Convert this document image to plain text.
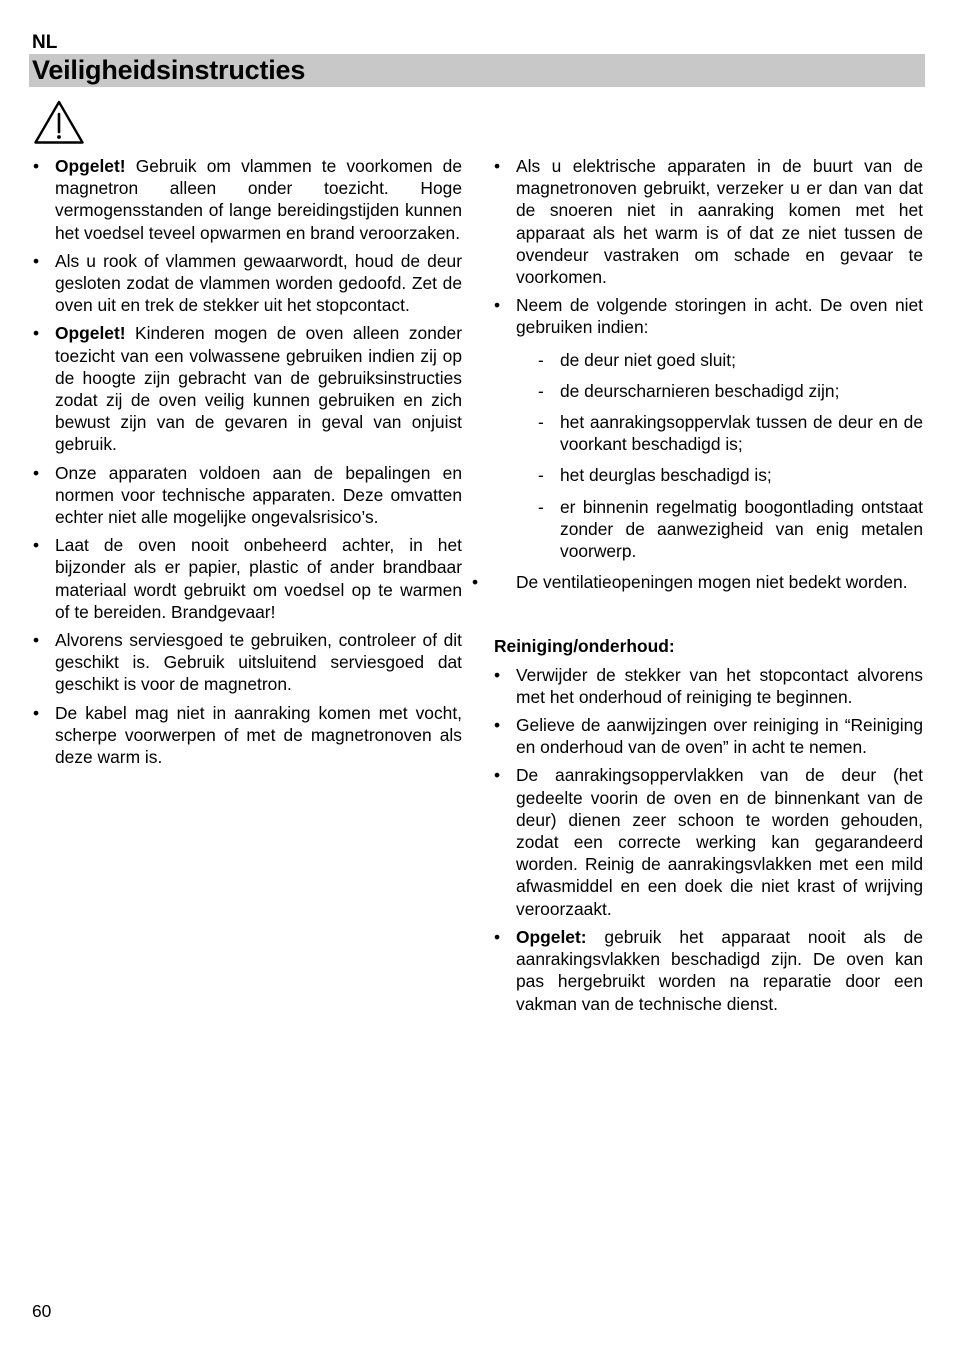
NL
Veiligheidsinstructies
• Opgelet! Gebruik om vlammen te voorkomen de magnetron alleen onder toezicht. Hoge vermogensstanden of lange bereidingstijden kunnen het voedsel teveel opwarmen en brand veroorzaken.
• Als u rook of vlammen gewaarwordt, houd de deur gesloten zodat de vlammen worden gedoofd. Zet de oven uit en trek de stekker uit het stopcontact.
• Opgelet! Kinderen mogen de oven alleen zonder toezicht van een volwassene gebruiken indien zij op de hoogte zijn gebracht van de gebruiksinstructies zodat zij de oven veilig kunnen gebruiken en zich bewust zijn van de gevaren in geval van onjuist gebruik.
• Onze apparaten voldoen aan de bepalingen en normen voor technische apparaten. Deze omvatten echter niet alle mogelijke ongevalsrisico’s.
• Laat de oven nooit onbeheerd achter, in het bijzonder als er papier, plastic of ander brandbaar materiaal wordt gebruikt om voedsel op te warmen of te bereiden. Brandgevaar!
• Alvorens serviesgoed te gebruiken, controleer of dit geschikt is. Gebruik uitsluitend serviesgoed dat geschikt is voor de magnetron.
• De kabel mag niet in aanraking komen met vocht, scherpe voorwerpen of met de magnetronoven als deze warm is.
• Als u elektrische apparaten in de buurt van de magnetronoven gebruikt, verzeker u er dan van dat de snoeren niet in aanraking komen met het apparaat als het warm is of dat ze niet tussen de ovendeur vastraken om schade en gevaar te voorkomen.
• Neem de volgende storingen in acht. De oven niet gebruiken indien:
- de deur niet goed sluit;
- de deurscharnieren beschadigd zijn;
- het aanrakingsoppervlak tussen de deur en de voorkant beschadigd is;
- het deurglas beschadigd is;
- er binnenin regelmatig boogontlading ontstaat zonder de aanwezigheid van enig metalen voorwerp.
•	De ventilatieopeningen mogen niet bedekt worden.
Reiniging/onderhoud:
• Verwijder de stekker van het stopcontact alvorens met het onderhoud of reiniging te beginnen.
• Gelieve de aanwijzingen over reiniging in “Reiniging en onderhoud van de oven” in acht te nemen.
• De aanrakingsoppervlakken van de deur (het gedeelte voorin de oven en de binnenkant van de deur) dienen zeer schoon te worden gehouden, zodat een correcte werking kan gegarandeerd worden. Reinig de aanrakingsvlakken met een mild afwasmiddel en een doek die niet krast of wrijving veroorzaakt.
• Opgelet: gebruik het apparaat nooit als de aanrakingsvlakken beschadigd zijn. De oven kan pas hergebruikt worden na reparatie door een vakman van de technische dienst.
60
